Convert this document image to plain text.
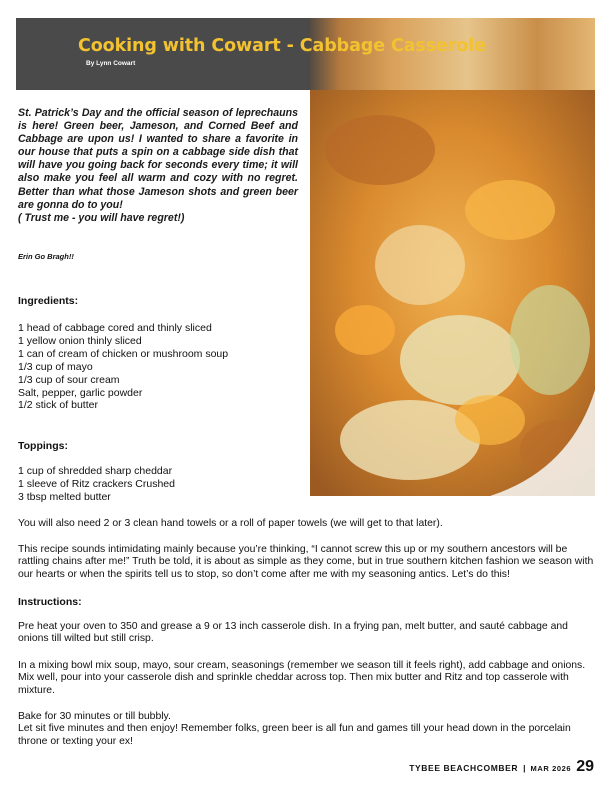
Cooking with Cowart - Cabbage Casserole
By Lynn Cowart

St. Patrick’s Day and the official season of leprechauns is here! Green beer, Jameson, and Corned Beef and Cabbage are upon us! I wanted to share a favorite in our house that puts a spin on a cabbage side dish that will have you going back for seconds every time; it will also make you feel all warm and cozy with no regret. Better than what those Jameson shots and green beer are gonna do to you!
( Trust me - you will have regret!)

Erin Go Bragh!!

Ingredients:

1 head of cabbage cored and thinly sliced
1 yellow onion thinly sliced
1 can of cream of chicken or mushroom soup
1/3 cup of mayo
1/3 cup of sour cream
Salt, pepper, garlic powder
1/2 stick of butter

Toppings:

1 cup of shredded sharp cheddar
1 sleeve of Ritz crackers Crushed
3 tbsp melted butter

You will also need 2 or 3 clean hand towels or a roll of paper towels (we will get to that later).

This recipe sounds intimidating mainly because you’re thinking, “I cannot screw this up or my southern ancestors will be rattling chains after me!” Truth be told, it is about as simple as they come, but in true southern kitchen fashion we season with our hearts or when the spirits tell us to stop, so don’t come after me with my seasoning antics. Let’s do this!

Instructions:

Pre heat your oven to 350 and grease a 9 or 13 inch casserole dish. In a frying pan, melt butter, and sauté cabbage and onions till wilted but still crisp.

In a mixing bowl mix soup, mayo, sour cream, seasonings (remember we season till it feels right), add cabbage and onions. Mix well, pour into your casserole dish and sprinkle cheddar across top. Then mix butter and Ritz and top casserole with mixture.

Bake for 30 minutes or till bubbly.
Let sit five minutes and then enjoy! Remember folks, green beer is all fun and games till your head down in the porcelain throne or texting your ex!

TYBEE BEACHCOMBER | MAR 2026 29
